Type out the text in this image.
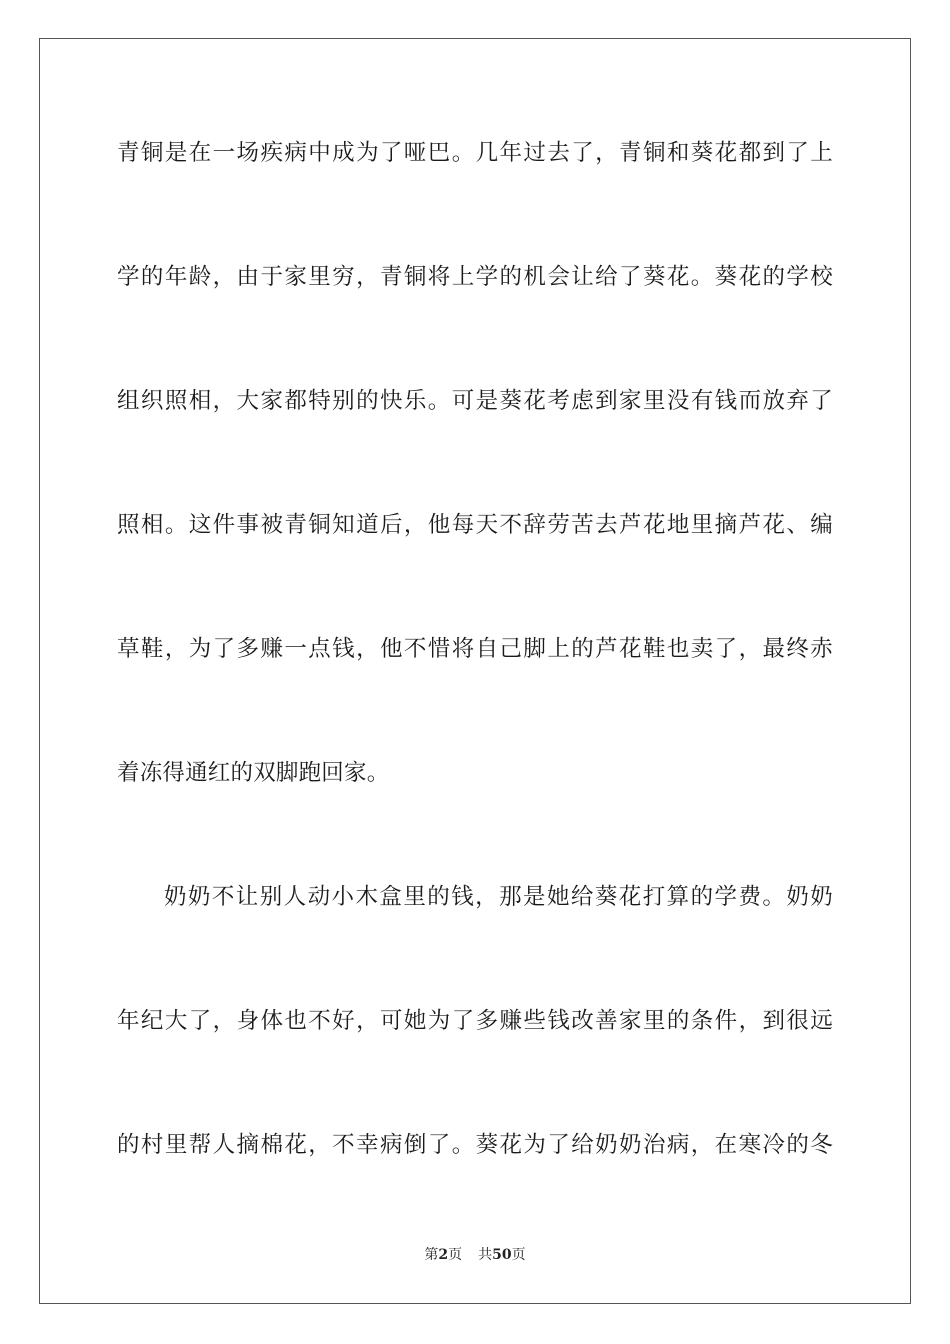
青铜是在一场疾病中成为了哑巴。几年过去了，青铜和葵花都到了上
学的年龄，由于家里穷，青铜将上学的机会让给了葵花。葵花的学校
组织照相，大家都特别的快乐。可是葵花考虑到家里没有钱而放弃了
照相。这件事被青铜知道后，他每天不辞劳苦去芦花地里摘芦花、编
草鞋，为了多赚一点钱，他不惜将自己脚上的芦花鞋也卖了，最终赤
着冻得通红的双脚跑回家。
奶奶不让别人动小木盒里的钱，那是她给葵花打算的学费。奶奶
年纪大了，身体也不好，可她为了多赚些钱改善家里的条件，到很远
的村里帮人摘棉花，不幸病倒了。葵花为了给奶奶治病，在寒冷的冬
第2页 共50页
